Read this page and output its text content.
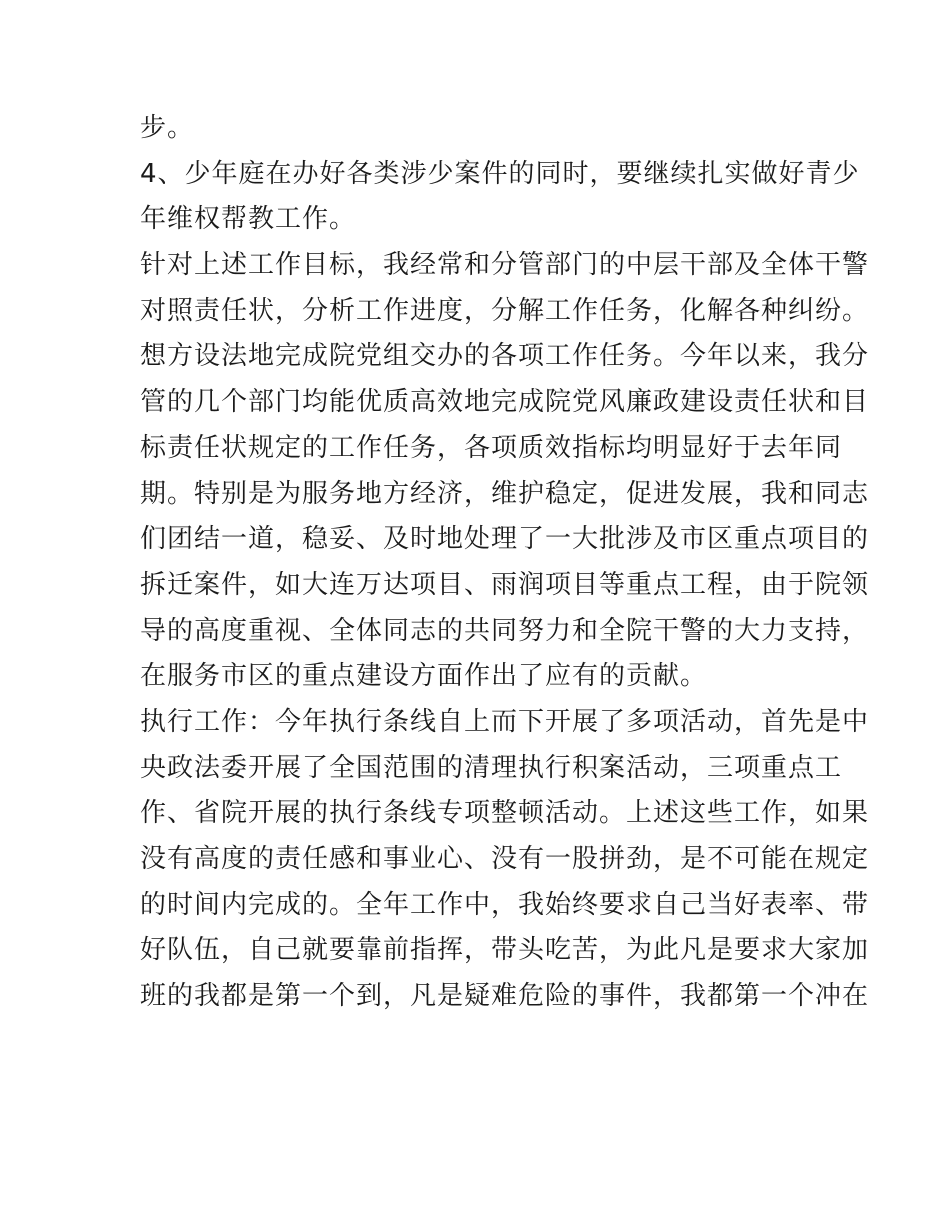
步。
4、少年庭在办好各类涉少案件的同时，要继续扎实做好青少
年维权帮教工作。
针对上述工作目标，我经常和分管部门的中层干部及全体干警
对照责任状，分析工作进度，分解工作任务，化解各种纠纷。
想方设法地完成院党组交办的各项工作任务。今年以来，我分
管的几个部门均能优质高效地完成院党风廉政建设责任状和目
标责任状规定的工作任务，各项质效指标均明显好于去年同
期。特别是为服务地方经济，维护稳定，促进发展，我和同志
们团结一道，稳妥、及时地处理了一大批涉及市区重点项目的
拆迁案件，如大连万达项目、雨润项目等重点工程，由于院领
导的高度重视、全体同志的共同努力和全院干警的大力支持，
在服务市区的重点建设方面作出了应有的贡献。
执行工作：今年执行条线自上而下开展了多项活动，首先是中
央政法委开展了全国范围的清理执行积案活动，三项重点工
作、省院开展的执行条线专项整顿活动。上述这些工作，如果
没有高度的责任感和事业心、没有一股拼劲，是不可能在规定
的时间内完成的。全年工作中，我始终要求自己当好表率、带
好队伍，自己就要靠前指挥，带头吃苦，为此凡是要求大家加
班的我都是第一个到，凡是疑难危险的事件，我都第一个冲在
